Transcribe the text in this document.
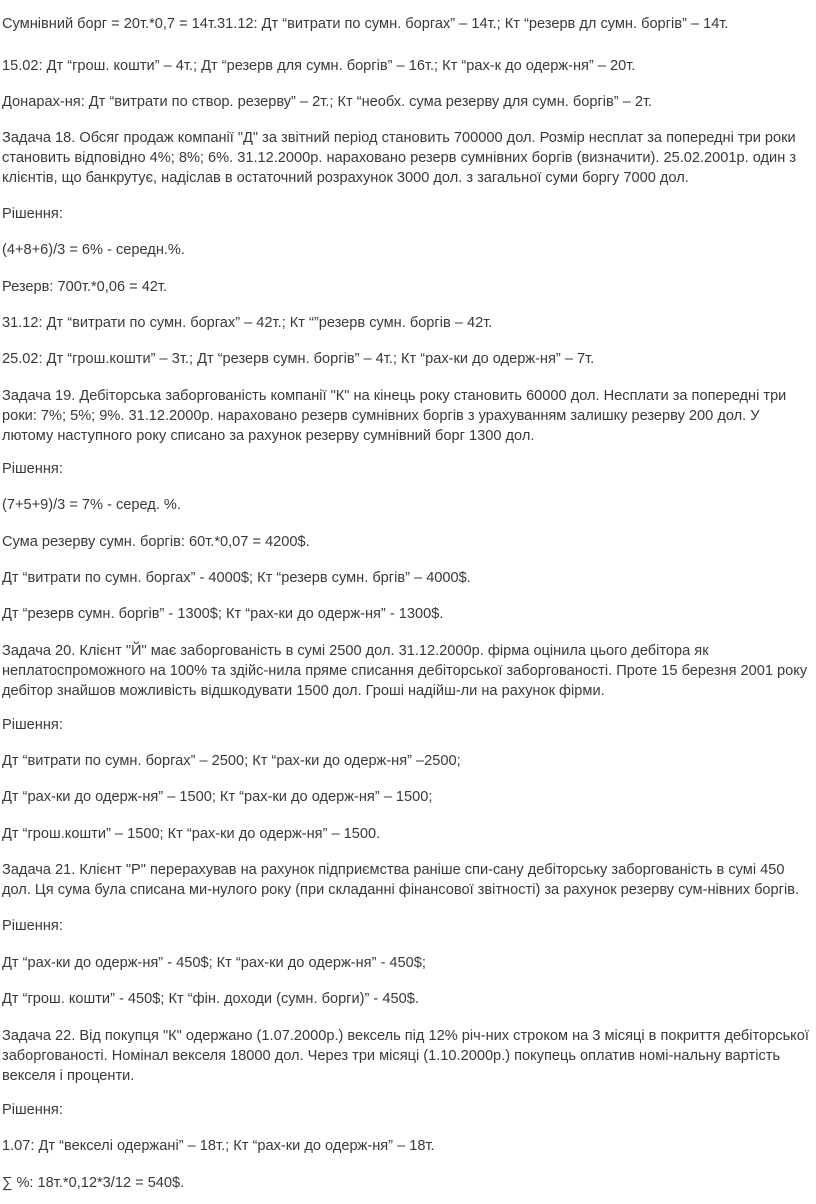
Сумнівний борг = 20т.*0,7 = 14т.31.12: Дт “витрати по сумн. боргах” – 14т.; Кт “резерв дл сумн. боргів” – 14т.

15.02: Дт “грош. кошти” – 4т.; Дт “резерв для сумн. боргів” – 16т.; Кт “рах-к до одерж-ня” – 20т.

Донарах-ня: Дт “витрати по створ. резерву” – 2т.; Кт “необх. сума резерву для сумн. боргів” – 2т.

Задача 18. Обсяг продаж компанії "Д" за звітний період становить 700000 дол. Розмір несплат за попередні три роки становить відповідно 4%; 8%; 6%. 31.12.2000р. нараховано резерв сумнівних боргів (визначити). 25.02.2001р. один з клієнтів, що банкрутує, надіслав в остаточний розрахунок 3000 дол. з загальної суми боргу 7000 дол.

Рішення:

(4+8+6)/3 = 6% - середн.%.

Резерв: 700т.*0,06 = 42т.

31.12: Дт “витрати по сумн. боргах” – 42т.; Кт “”резерв сумн. боргів – 42т.

25.02: Дт “грош.кошти” – 3т.; Дт “резерв сумн. боргів” – 4т.; Кт “рах-ки до одерж-ня” – 7т.

Задача 19. Дебіторська заборгованість компанії "К" на кінець року становить 60000 дол. Несплати за попередні три роки: 7%; 5%; 9%. 31.12.2000р. нараховано резерв сумнівних боргів з урахуванням залишку резерву 200 дол. У лютому наступного року списано за рахунок резерву сумнівний борг 1300 дол.

Рішення:

(7+5+9)/3 = 7% - серед. %.

Сума резерву сумн. боргів: 60т.*0,07 = 4200$.

Дт “витрати по сумн. боргах” - 4000$; Кт “резерв сумн. бргів” – 4000$.

Дт “резерв сумн. боргів” - 1300$; Кт “рах-ки до одерж-ня” - 1300$.

Задача 20. Клієнт "Й" має заборгованість в сумі 2500 дол. 31.12.2000р. фірма оцінила цього дебітора як неплатоспроможного на 100% та здійс-нила пряме списання дебіторської заборгованості. Проте 15 березня 2001 року дебітор знайшов можливість відшкодувати 1500 дол. Гроші надійш-ли на рахунок фірми.

Рішення:

Дт “витрати по сумн. боргах” – 2500; Кт “рах-ки до одерж-ня” –2500;

Дт “рах-ки до одерж-ня” – 1500; Кт “рах-ки до одерж-ня” – 1500;

Дт “грош.кошти” – 1500; Кт “рах-ки до одерж-ня” – 1500.

Задача 21. Клієнт "Р" перерахував на рахунок підприємства раніше спи-сану дебіторську заборгованість в сумі 450 дол. Ця сума була списана ми-нулого року (при складанні фінансової звітності) за рахунок резерву сум-нівних боргів.

Рішення:

Дт “рах-ки до одерж-ня” - 450$; Кт “рах-ки до одерж-ня” - 450$;

Дт “грош. кошти” - 450$; Кт “фін. доходи (сумн. борги)” - 450$.

Задача 22. Від покупця "К" одержано (1.07.2000р.) вексель під 12% річ-них строком на 3 місяці в покриття дебіторської заборгованості. Номінал векселя 18000 дол. Через три місяці (1.10.2000р.) покупець оплатив номі-нальну вартість векселя і проценти.

Рішення:

1.07: Дт “векселі одержані” – 18т.; Кт “рах-ки до одерж-ня” – 18т.

∑ %: 18т.*0,12*3/12 = 540$.
